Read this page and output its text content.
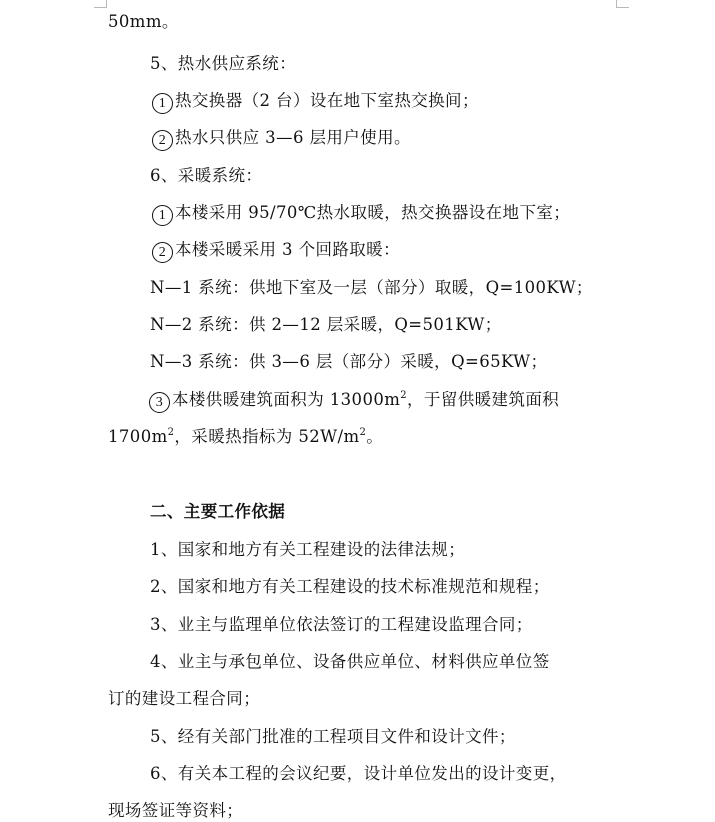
50mm。
5、热水供应系统：
1 热交换器（2 台）设在地下室热交换间；
2 热水只供应 3—6 层用户使用。
6、采暖系统：
1 本楼采用 95/70℃热水取暖，热交换器设在地下室；
2 本楼采暖采用 3 个回路取暖：
N—1 系统：供地下室及一层（部分）取暖，Q=100KW；
N—2 系统：供 2—12 层采暖，Q=501KW；
N—3 系统：供 3—6 层（部分）采暖，Q=65KW；
3 本楼供暖建筑面积为 $13000m^2$，于留供暖建筑面积
$1700m^2$，采暖热指标为 $52W/m^2$。
二、主要工作依据
1、国家和地方有关工程建设的法律法规；
2、国家和地方有关工程建设的技术标准规范和规程；
3、业主与监理单位依法签订的工程建设监理合同；
4、业主与承包单位、设备供应单位、材料供应单位签
订的建设工程合同；
5、经有关部门批准的工程项目文件和设计文件；
6、有关本工程的会议纪要，设计单位发出的设计变更，
现场签证等资料；
